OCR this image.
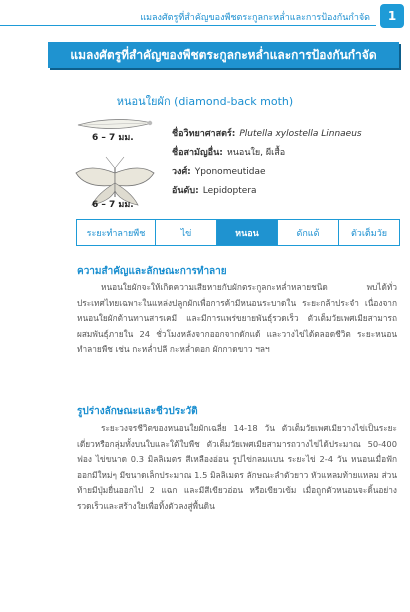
แมลงศัตรูที่สำคัญของพืชตระกูลกะหล่ำและการป้องกันกำจัด	1
แมลงศัตรูที่สำคัญของพืชตระกูลกะหล่ำและการป้องกันกำจัด
หนอนใยผัก (diamond-back moth)
6 – 7 มม.
6 – 7 มม.
ชื่อวิทยาศาสตร์: Plutella xylostella Linnaeus
ชื่อสามัญอื่น: หนอนใย, ผีเสื้อ
วงศ์: Yponomeutidae
อันดับ: Lepidoptera
ระยะทำลายพืช	ไข่	หนอน	ดักแด้	ตัวเต็มวัย
ความสำคัญและลักษณะการทำลาย

หนอนใยผักจะให้เกิดความเสียหายกับผักตระกูลกะหล่ำหลายชนิด พบได้ทั่วประเทศไทยเฉพาะในแหล่งปลูกผักเพื่อการค้ามีหนอนระบาดใน ระยะกล้าประจำ เนื่องจากหนอนใยผักต้านทานสารเคมี และมีการแพร่ขยายพันธุ์รวดเร็ว ตัวเต็มวัยเพศเมียสามารถผสมพันธุ์ภายใน 24 ชั่วโมงหลังจากออกจากดักแด้ และวางไข่ได้ตลอดชีวิต ระยะหนอนทำลายพืช เช่น กะหล่ำปลี กะหล่ำดอก ผักกาดขาว ฯลฯ

รูปร่างลักษณะและชีวประวัติ

ระยะวงจรชีวิตของหนอนใยผักเฉลี่ย 14-18 วัน ตัวเต็มวัยเพศเมียวางไข่เป็นระยะเดี่ยวหรือกลุ่มทั้งบนใบและใต้ใบพืช ตัวเต็มวัยเพศเมียสามารถวางไข่ได้ประมาณ 50-400 ฟอง ไข่ขนาด 0.3 มิลลิเมตร สีเหลืองอ่อน รูปไข่กลมแบน ระยะไข่ 2-4 วัน หนอนเมื่อฟักออกมีใหม่ๆ มีขนาดเล็กประมาณ 1.5 มิลลิเมตร ลักษณะลำตัวยาว หัวแหลมท้ายแหลม ส่วนท้ายมีปุ่มยื่นออกไป 2 แฉก และมีสีเขียวอ่อน หรือเขียวเข้ม เมื่อถูกตัวหนอนจะดิ้นอย่างรวดเร็วและสร้างใยเพื่อทิ้งตัวลงสู่พื้นดิน
